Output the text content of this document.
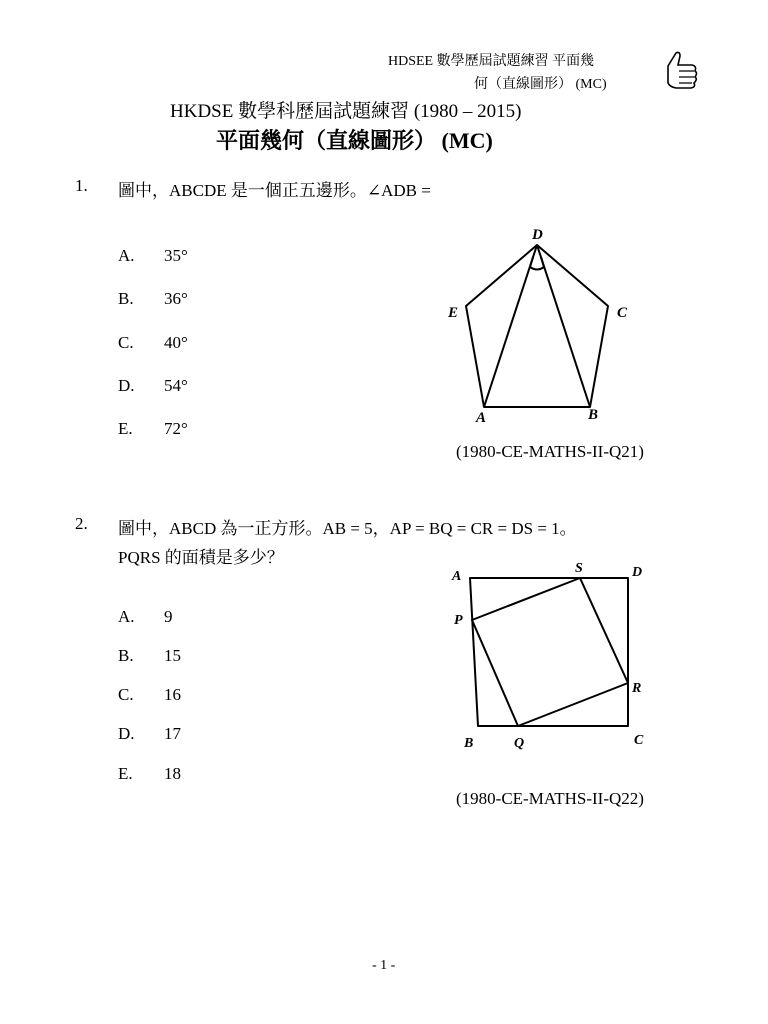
HDSEE 數學歷屆試題練習 平面幾
何（直線圖形） (MC)
HKDSE 數學科歷屆試題練習 (1980 – 2015)
平面幾何（直線圖形） (MC)
1. 圖中，ABCDE 是一個正五邊形。∠ADB =
A. 35°
B. 36°
C. 40°
D. 54°
E. 72°
D
E	C
A	B
(1980-CE-MATHS-II-Q21)
2. 圖中，ABCD 為一正方形。AB = 5，AP = BQ = CR = DS = 1。
PQRS 的面積是多少？
A. 9
B. 15
C. 16
D. 17
E. 18
A
S	D
P
R
B	Q	C
(1980-CE-MATHS-II-Q22)
- 1 -
